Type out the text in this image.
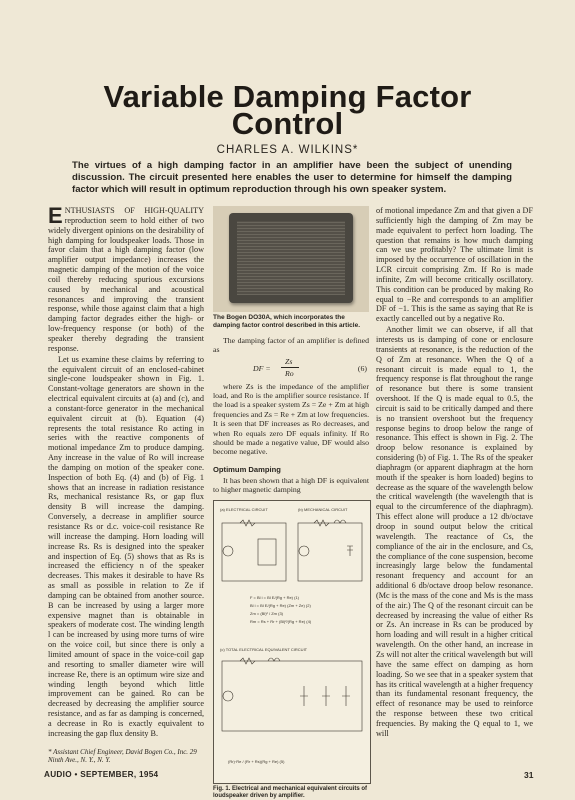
Variable Damping Factor
Control
CHARLES A. WILKINS*
The virtues of a high damping factor in an amplifier have been the subject of unending discussion. The circuit presented here enables the user to determine for himself the damping factor which will result in optimum reproduction through his own speaker system.

ENTHUSIASTS OF HIGH-QUALITY reproduction seem to hold either of two widely divergent opinions on the desirability of high damping for loudspeaker loads. Those in favor claim that a high damping factor (low amplifier output impedance) increases the magnetic damping of the motion of the voice coil thereby reducing spurious excursions caused by mechanical and acoustical resonances and improving the transient response, while those against claim that a high damping factor degrades either the high- or low-frequency response (or both) of the speaker thereby degrading the transient response.

Let us examine these claims by referring to the equivalent circuit of an enclosed-cabinet single-cone loudspeaker shown in Fig. 1. Constant-voltage generators are shown in the electrical equivalent circuits at (a) and (c), and a constant-force generator in the mechanical equivalent circuit at (b). Equation (4) represents the total resistance Ro acting in series with the reactive components of motional impedance Zm to produce damping. Any increase in the value of Ro will increase the damping on motion of the speaker cone. Inspection of both Eq. (4) and (b) of Fig. 1 shows that an increase in radiation resistance Rs, mechanical resistance Rs, or gap flux density B will increase the damping. Conversely, a decrease in amplifier source resistance Rs or d.c. voice-coil resistance Re will increase the damping. Horn loading will increase Rs. Rs is designed into the speaker and inspection of Eq. (5) shows that as Rs is increased the efficiency n of the speaker decreases. This makes it desirable to have Rs as small as possible in relation to Ze if damping can be obtained from another source. B can be increased by using a larger more expensive magnet than is obtainable in speakers of moderate cost. The winding length l can be increased by using more turns of wire on the voice coil, but since there is only a limited amount of space in the voice-coil gap and resorting to smaller diameter wire will increase Re, there is an optimum wire size and winding length beyond which little improvement can be gained. Ro can be decreased by decreasing the amplifier source resistance, and as far as damping is concerned, a decrease in Ro is exactly equivalent to increasing the gap flux density B.

* Assistant Chief Engineer, David Bogen Co., Inc. 29 Ninth Ave., N. Y., N. Y.
The Bogen DO30A, which incorporates the damping factor control described in this article.

The damping factor of an amplifier is defined as

DF =
Zs
Ro
(6)

where Zs is the impedance of the amplifier load, and Ro is the amplifier source resistance. If the load is a speaker system Zs = Ze + Zm at high frequencies and Zs = Re + Zm at low frequencies. It is seen that DF increases as Ro decreases, and when Ro equals zero DF equals infinity. If Ro should be made a negative value, DF would also become negative.

Optimum Damping

It has been shown that a high DF is equivalent to higher magnetic damping

(a) ELECTRICAL CIRCUIT	(b) MECHANICAL CIRCUIT
F = Bl i = Bl E/(Rg + Re) (1)
Bl i = Bl E/(Rg + Re) (Zm + Ze) (2)
Zm = (Bl)² / Zm (3)
Rm = Rs + Rr + (Bl)²/(Rg + Re) (4)
(c) TOTAL ELECTRICAL EQUIVALENT CIRCUIT
(Rr)·Re / (Rr + Rs)(Rg + Re) (5)
Fig. 1. Electrical and mechanical equivalent circuits of loudspeaker driven by amplifier.

of motional impedance Zm and that given a DF sufficiently high the damping of Zm may be made equivalent to perfect horn loading. The question that remains is how much damping can we use profitably? The ultimate limit is imposed by the occurrence of oscillation in the LCR circuit comprising Zm. If Ro is made infinite, Zm will become critically oscillatory. This condition can be produced by making Ro equal to −Re and corresponds to an amplifier DF of −1. This is the same as saying that Re is exactly cancelled out by a negative Ro.

Another limit we can observe, if all that interests us is damping of cone or enclosure transients at resonance, is the reduction of the Q of Zm at resonance. When the Q of a resonant circuit is made equal to 1, the frequency response is flat throughout the range of resonance but there is some transient overshoot. If the Q is made equal to 0.5, the circuit is said to be critically damped and there is no transient overshoot but the frequency response begins to droop below the range of resonance. This effect is shown in Fig. 2. The droop below resonance is explained by considering (b) of Fig. 1. The Rs of the speaker diaphragm (or apparent diaphragm at the horn mouth if the speaker is horn loaded) begins to decrease as the square of the wavelength below the critical wavelength (the wavelength that is equal to the circumference of the diaphragm). This effect alone will produce a 12 db/octave droop in sound output below the critical wavelength. The reactance of Cs, the compliance of the air in the enclosure, and Cs, the compliance of the cone suspension, become increasingly large below the fundamental resonant frequency and account for an additional 6 db/octave droop below resonance. (Mc is the mass of the cone and Ms is the mass of the air.) The Q of the resonant circuit can be decreased by increasing the value of either Rs or Zs. An increase in Rs can be produced by horn loading and will result in a higher critical wavelength. On the other hand, an increase in Zs will not alter the critical wavelength but will have the same effect on damping as horn loading. So we see that in a speaker system that has its critical wavelength at a higher frequency than its fundamental resonant frequency, the effect of resonance may be used to reinforce the response between these two critical frequencies. By making the Q equal to 1, we will

AUDIO • SEPTEMBER, 1954	31
